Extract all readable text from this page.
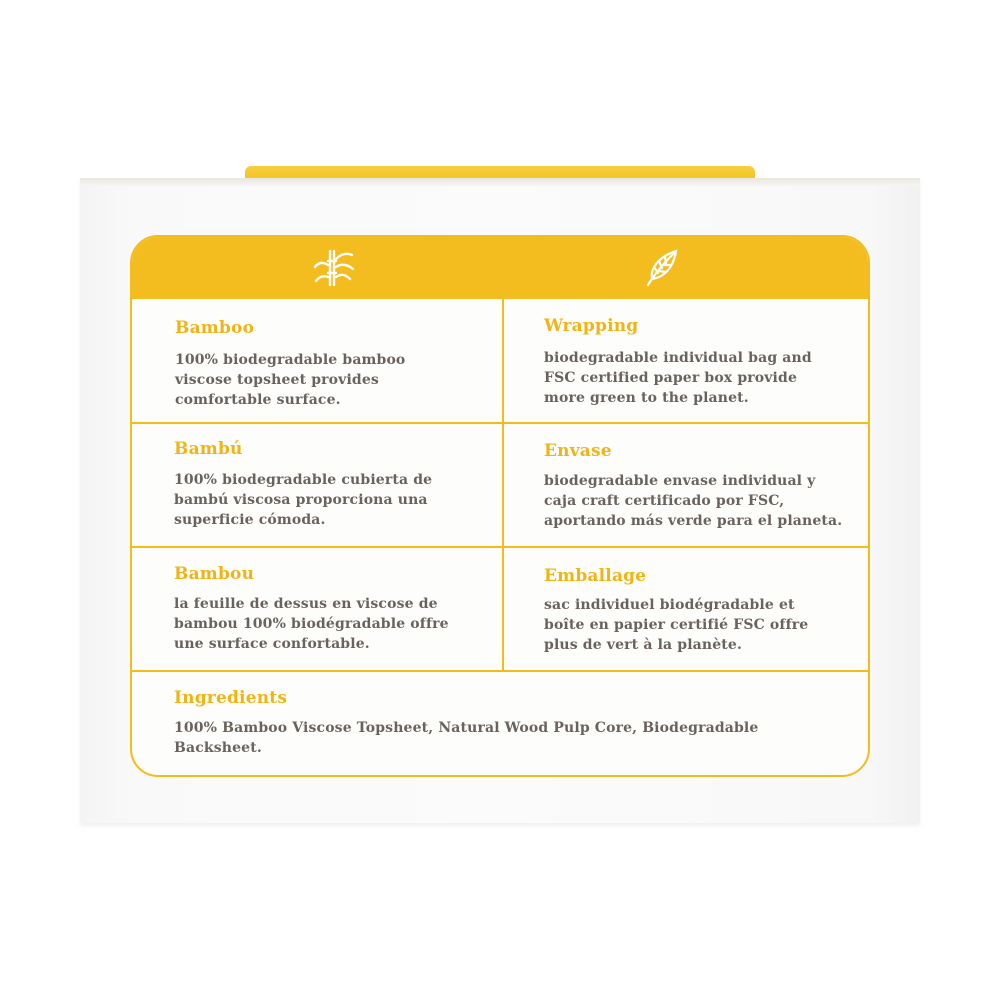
Bamboo
100% biodegradable bamboo
viscose topsheet provides
comfortable surface.
Wrapping
biodegradable individual bag and
FSC certified paper box provide
more green to the planet.
Bambú
100% biodegradable cubierta de
bambú viscosa proporciona una
superficie cómoda.
Envase
biodegradable envase individual y
caja craft certificado por FSC,
aportando más verde para el planeta.
Bambou
la feuille de dessus en viscose de
bambou 100% biodégradable offre
une surface confortable.
Emballage
sac individuel biodégradable et
boîte en papier certifié FSC offre
plus de vert à la planète.
Ingredients
100% Bamboo Viscose Topsheet, Natural Wood Pulp Core, Biodegradable
Backsheet.
